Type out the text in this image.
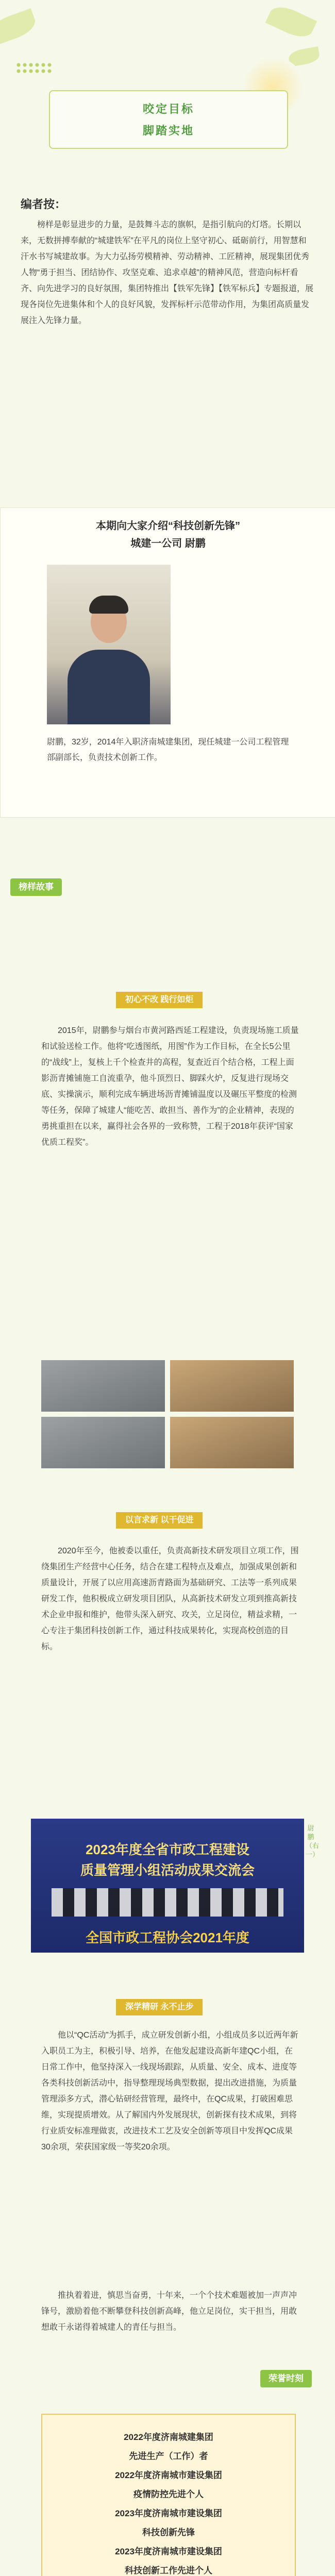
咬定目标
脚踏实地
编者按：
榜样是彰显进步的力量，是鼓舞斗志的旗帜，是指引航向的灯塔。长期以来，无数拼搏奉献的“城建铁军”在平凡的岗位上坚守初心、砥砺前行，用智慧和汗水书写城建故事。为大力弘扬劳模精神、劳动精神、工匠精神，展现集团优秀人物“勇于担当、团结协作、攻坚克难、追求卓越”的精神风范，营造向标杆看齐、向先进学习的良好氛围，集团特推出【铁军先锋】【铁军标兵】专题报道，展现各岗位先进集体和个人的良好风貌，发挥标杆示范带动作用，为集团高质量发展注入先锋力量。
本期向大家介绍“科技创新先锋”
城建一公司 尉鹏
尉鹏，32岁，2014年入职济南城建集团，现任城建一公司工程管理部副部长，负责技术创新工作。
榜样故事
初心不改 践行如炬
2015年，尉鹏参与烟台市黄河路西延工程建设，负责现场施工质量和试验送检工作。他将“吃透图纸，用图”作为工作目标，在全长5公里的“战线”上，复核上千个检查井的高程，复查近百个结合格，工程上面影沥青摊铺施工自流重孕，他斗顶烈日、脚踩火炉，反复进行现场交底、实操演示，顺利完成车辆进场沥青摊铺温度以及碾压平整度的检测等任务，保障了城建人“能吃苦、敢担当、善作为”的企业精神，表现的勇挑重担在以来，赢得社会各界的一致称赞，工程于2018年获评“国家优质工程奖”。
以言求新 以干促进
2020年至今，他被委以重任，负责高新技术研发项目立项工作，围绕集团生产经营中心任务，结合在建工程特点及难点，加强成果创新和质量设计，开展了以应用高速沥青路面为基础研究、工法等一系列成果研发工作，他积极成立研发项目团队，从高新技术研发立项到推高新技术企业申报和维护，他带头深入研究、攻关，立足岗位，精益求精，一心专注于集团科技创新工作，通过科技成果转化，实现高校创造的目标。
2023年度全省市政工程建设
质量管理小组活动成果交流会
全国市政工程协会2021年度
尉鹏（右一）
深学精研 永不止步
他以“QC活动”为抓手，成立研发创新小组，小组成员多以近两年新入职员工为主，积极引导、培养，在他发起建设高新年建QC小组，在日常工作中，他坚持深入一线现场跟踪，从质量、安全、成本、进度等各类科技创新活动中，指导整理现场典型数据，提出改进措施，为质量管理添多方式，潜心钻研经营管理，最终中，在QC成果，打破困难思维，实现提质增效。从了解国内外发展现状，创新探有技术成果，到将行业质安标准理做衷，改进技术工艺及安全创新等项目中发挥QC成果30余项，荣获国家级一等奖20余项。
推执着着进，慎思当奋勇，十年来，一个个技术难题被加一声声冲锋号，激励着他不断攀登科技创新高峰，他立足岗位，实干担当，用敢想敢干永诺得着城建人的青任与担当。
荣誉时刻
2022年度济南城建集团
先进生产（工作）者
2022年度济南城市建设集团
疫情防控先进个人
2023年度济南城市建设集团
科技创新先锋
2023年度济南城市建设集团
科技创新工作先进个人
